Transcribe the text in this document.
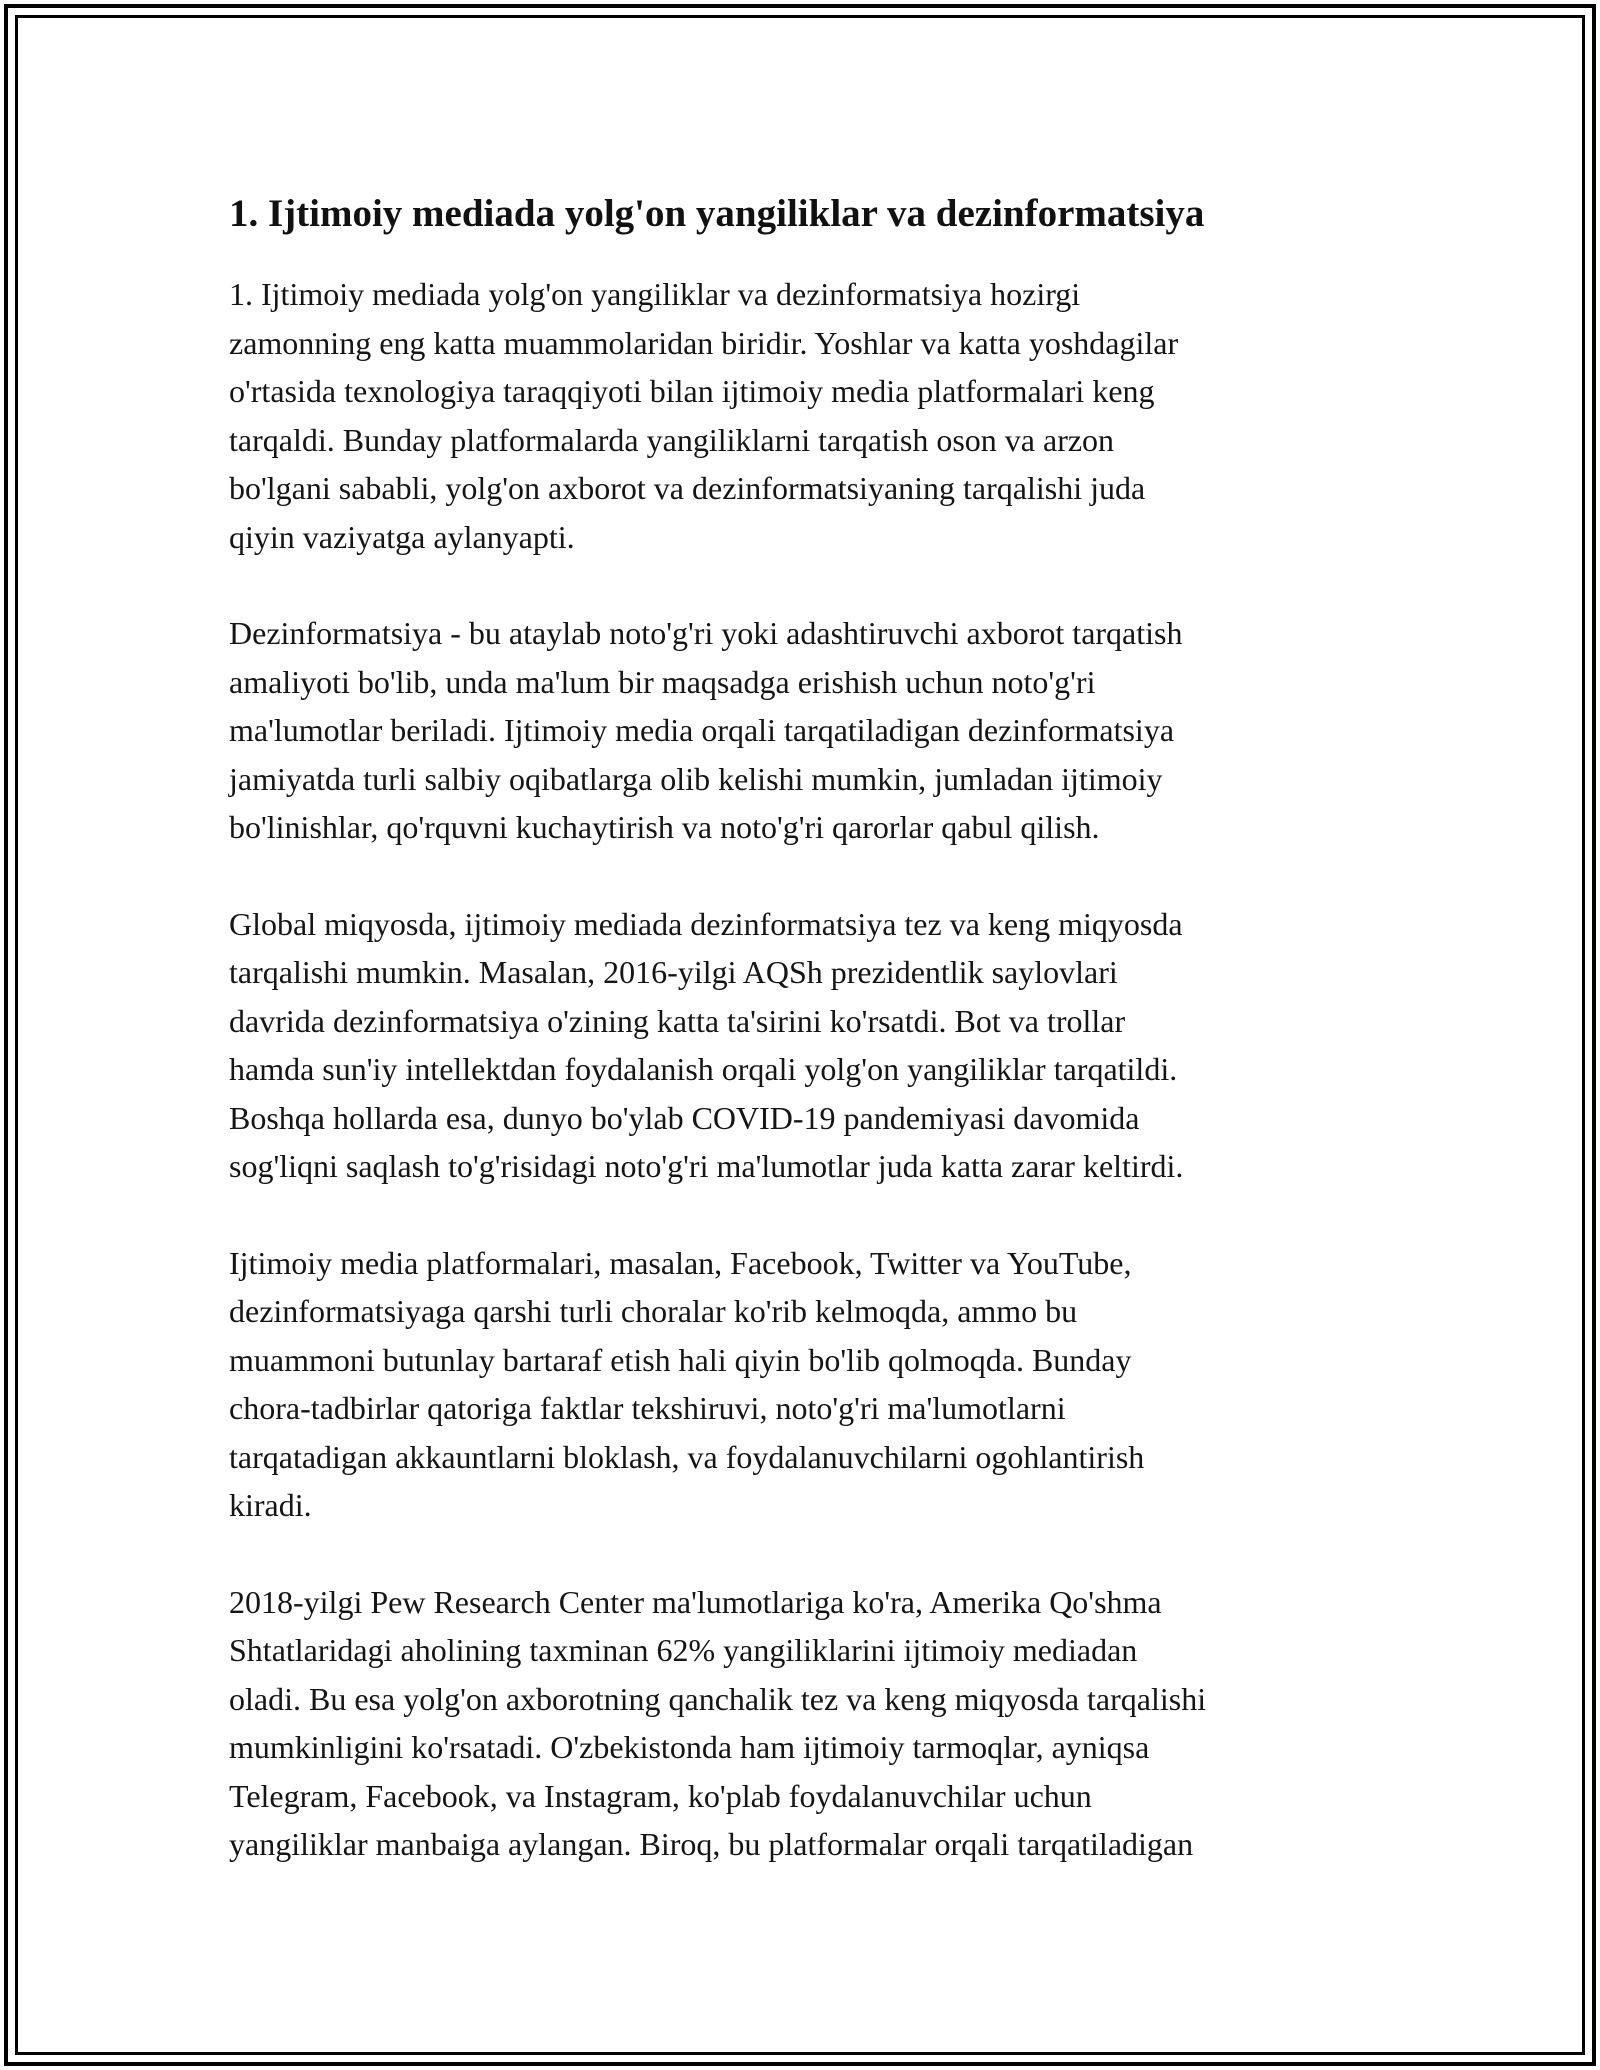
1. Ijtimoiy mediada yolg'on yangiliklar va dezinformatsiya

1. Ijtimoiy mediada yolg'on yangiliklar va dezinformatsiya hozirgi
zamonning eng katta muammolaridan biridir. Yoshlar va katta yoshdagilar
o'rtasida texnologiya taraqqiyoti bilan ijtimoiy media platformalari keng
tarqaldi. Bunday platformalarda yangiliklarni tarqatish oson va arzon
bo'lgani sababli, yolg'on axborot va dezinformatsiyaning tarqalishi juda
qiyin vaziyatga aylanyapti.

Dezinformatsiya - bu ataylab noto'g'ri yoki adashtiruvchi axborot tarqatish
amaliyoti bo'lib, unda ma'lum bir maqsadga erishish uchun noto'g'ri
ma'lumotlar beriladi. Ijtimoiy media orqali tarqatiladigan dezinformatsiya
jamiyatda turli salbiy oqibatlarga olib kelishi mumkin, jumladan ijtimoiy
bo'linishlar, qo'rquvni kuchaytirish va noto'g'ri qarorlar qabul qilish.

Global miqyosda, ijtimoiy mediada dezinformatsiya tez va keng miqyosda
tarqalishi mumkin. Masalan, 2016-yilgi AQSh prezidentlik saylovlari
davrida dezinformatsiya o'zining katta ta'sirini ko'rsatdi. Bot va trollar
hamda sun'iy intellektdan foydalanish orqali yolg'on yangiliklar tarqatildi.
Boshqa hollarda esa, dunyo bo'ylab COVID-19 pandemiyasi davomida
sog'liqni saqlash to'g'risidagi noto'g'ri ma'lumotlar juda katta zarar keltirdi.

Ijtimoiy media platformalari, masalan, Facebook, Twitter va YouTube,
dezinformatsiyaga qarshi turli choralar ko'rib kelmoqda, ammo bu
muammoni butunlay bartaraf etish hali qiyin bo'lib qolmoqda. Bunday
chora-tadbirlar qatoriga faktlar tekshiruvi, noto'g'ri ma'lumotlarni
tarqatadigan akkauntlarni bloklash, va foydalanuvchilarni ogohlantirish
kiradi.

2018-yilgi Pew Research Center ma'lumotlariga ko'ra, Amerika Qo'shma
Shtatlaridagi aholining taxminan 62% yangiliklarini ijtimoiy mediadan
oladi. Bu esa yolg'on axborotning qanchalik tez va keng miqyosda tarqalishi
mumkinligini ko'rsatadi. O'zbekistonda ham ijtimoiy tarmoqlar, ayniqsa
Telegram, Facebook, va Instagram, ko'plab foydalanuvchilar uchun
yangiliklar manbaiga aylangan. Biroq, bu platformalar orqali tarqatiladigan
